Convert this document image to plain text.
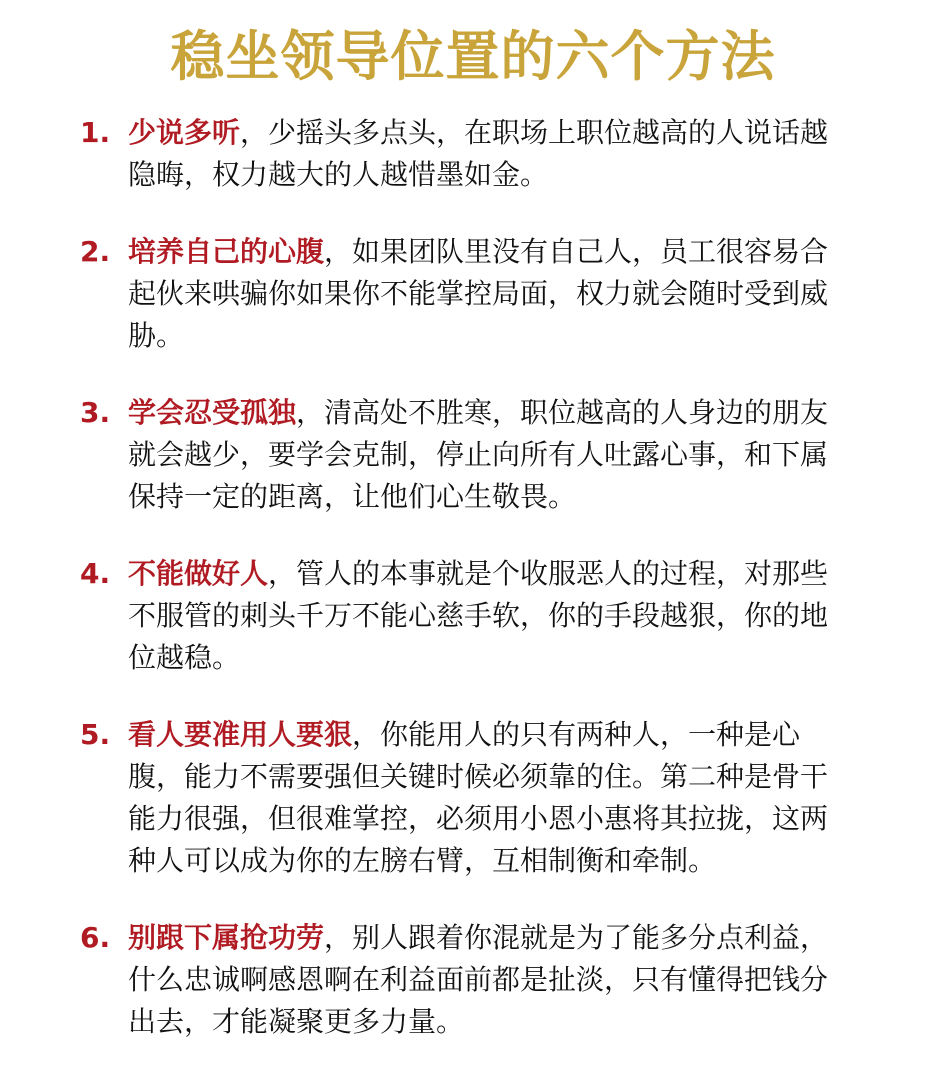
稳坐领导位置的六个方法
1. 少说多听，少摇头多点头，在职场上职位越高的人说话越隐晦，权力越大的人越惜墨如金。
2. 培养自己的心腹，如果团队里没有自己人，员工很容易合起伙来哄骗你如果你不能掌控局面，权力就会随时受到威胁。
3. 学会忍受孤独，清高处不胜寒，职位越高的人身边的朋友就会越少，要学会克制，停止向所有人吐露心事，和下属保持一定的距离，让他们心生敬畏。
4. 不能做好人，管人的本事就是个收服恶人的过程，对那些不服管的刺头千万不能心慈手软，你的手段越狠，你的地位越稳。
5. 看人要准用人要狠，你能用人的只有两种人，一种是心腹，能力不需要强但关键时候必须靠的住。第二种是骨干能力很强，但很难掌控，必须用小恩小惠将其拉拢，这两种人可以成为你的左膀右臂，互相制衡和牵制。
6. 别跟下属抢功劳，别人跟着你混就是为了能多分点利益，什么忠诚啊感恩啊在利益面前都是扯淡，只有懂得把钱分出去，才能凝聚更多力量。
